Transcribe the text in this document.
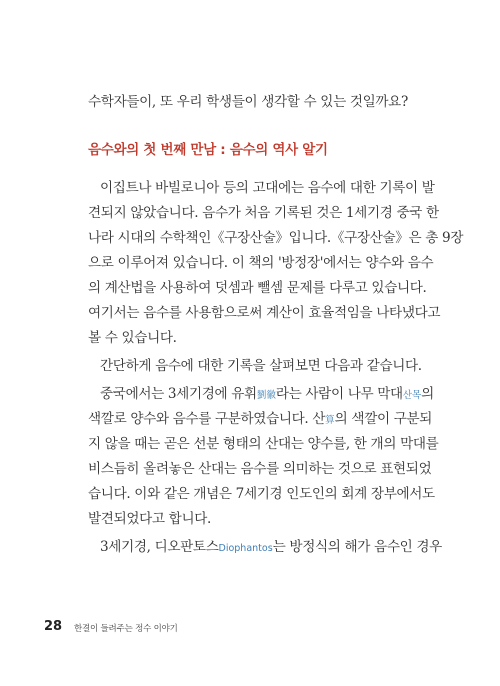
수학자들이, 또 우리 학생들이 생각할 수 있는 것일까요?
음수와의 첫 번째 만남 : 음수의 역사 알기
이집트나 바빌로니아 등의 고대에는 음수에 대한 기록이 발
견되지 않았습니다. 음수가 처음 기록된 것은 1세기경 중국 한
나라 시대의 수학책인《구장산술》입니다.《구장산술》은 총 9장
으로 이루어져 있습니다. 이 책의 '방정장'에서는 양수와 음수
의 계산법을 사용하여 덧셈과 뺄셈 문제를 다루고 있습니다.
여기서는 음수를 사용함으로써 계산이 효율적임을 나타냈다고
볼 수 있습니다.
간단하게 음수에 대한 기록을 살펴보면 다음과 같습니다.
중국에서는 3세기경에 유휘劉徽라는 사람이 나무 막대산목의
색깔로 양수와 음수를 구분하였습니다. 산算의 색깔이 구분되
지 않을 때는 곧은 선분 형태의 산대는 양수를, 한 개의 막대를
비스듬히 올려놓은 산대는 음수를 의미하는 것으로 표현되었
습니다. 이와 같은 개념은 7세기경 인도인의 회계 장부에서도
발견되었다고 합니다.
3세기경, 디오판토스Diophantos는 방정식의 해가 음수인 경우
28 한결이 들려주는 정수 이야기
